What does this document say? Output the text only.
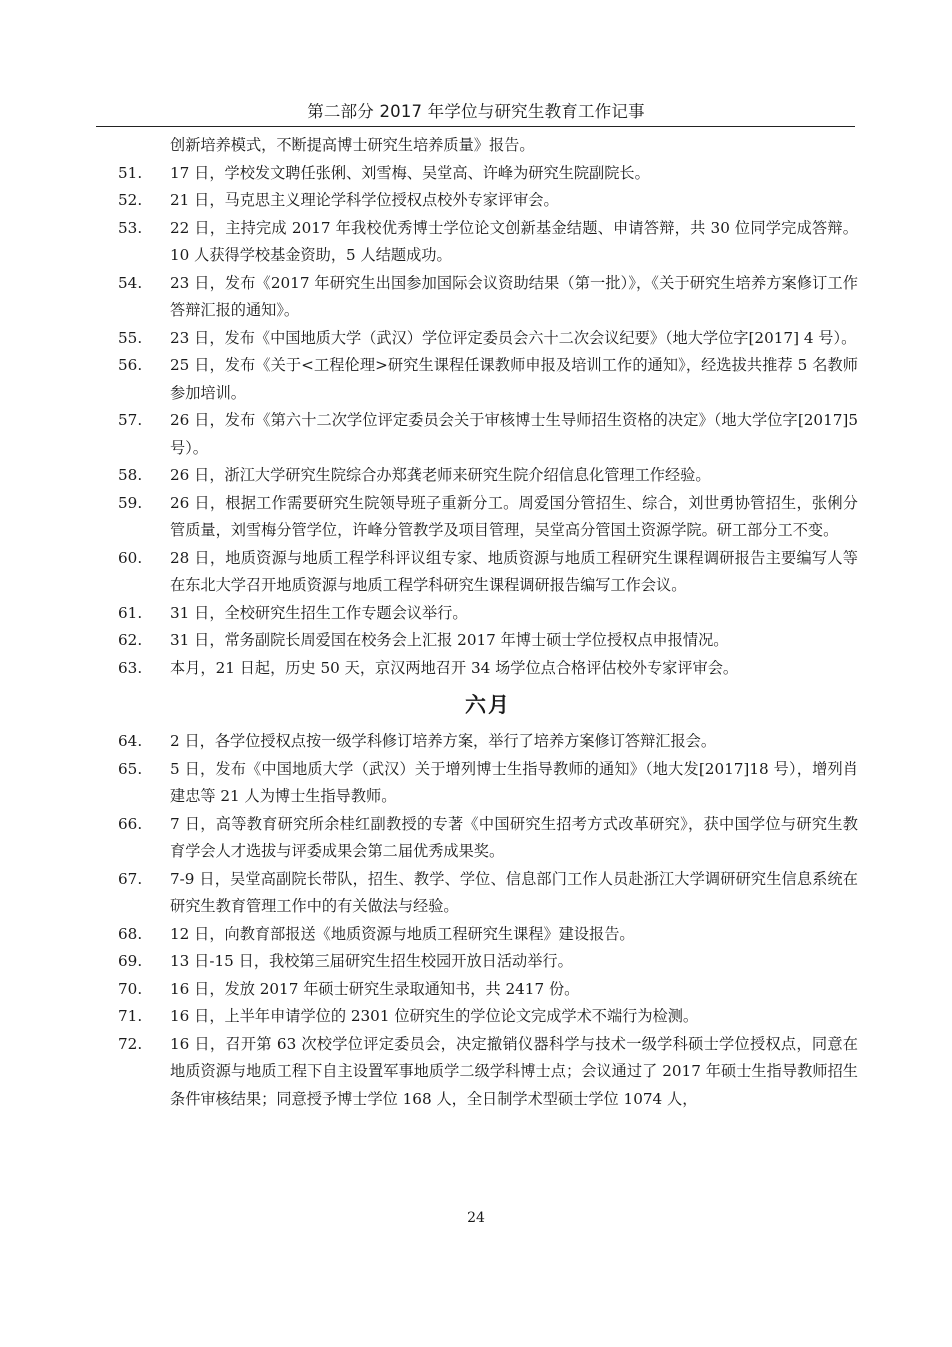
第二部分 2017 年学位与研究生教育工作记事
创新培养模式，不断提高博士研究生培养质量》报告。
51.	17 日，学校发文聘任张俐、刘雪梅、吴堂高、许峰为研究生院副院长。
52.	21 日，马克思主义理论学科学位授权点校外专家评审会。
53.	22 日，主持完成 2017 年我校优秀博士学位论文创新基金结题、申请答辩，共 30 位同学完成答辩。10 人获得学校基金资助，5 人结题成功。
54.	23 日，发布《2017 年研究生出国参加国际会议资助结果（第一批）》，《关于研究生培养方案修订工作答辩汇报的通知》。
55.	23 日，发布《中国地质大学（武汉）学位评定委员会六十二次会议纪要》（地大学位字[2017] 4 号）。
56.	25 日，发布《关于<工程伦理>研究生课程任课教师申报及培训工作的通知》，经选拔共推荐 5 名教师参加培训。
57.	26 日，发布《第六十二次学位评定委员会关于审核博士生导师招生资格的决定》（地大学位字[2017]5 号）。
58.	26 日，浙江大学研究生院综合办郑龚老师来研究生院介绍信息化管理工作经验。
59.	26 日，根据工作需要研究生院领导班子重新分工。周爱国分管招生、综合，刘世勇协管招生，张俐分管质量，刘雪梅分管学位，许峰分管教学及项目管理，吴堂高分管国土资源学院。研工部分工不变。
60.	28 日，地质资源与地质工程学科评议组专家、地质资源与地质工程研究生课程调研报告主要编写人等在东北大学召开地质资源与地质工程学科研究生课程调研报告编写工作会议。
61.	31 日，全校研究生招生工作专题会议举行。
62.	31 日，常务副院长周爱国在校务会上汇报 2017 年博士硕士学位授权点申报情况。
63.	本月，21 日起，历史 50 天，京汉两地召开 34 场学位点合格评估校外专家评审会。
六月
64.	2 日，各学位授权点按一级学科修订培养方案，举行了培养方案修订答辩汇报会。
65.	5 日，发布《中国地质大学（武汉）关于增列博士生指导教师的通知》（地大发[2017]18 号），增列肖建忠等 21 人为博士生指导教师。
66.	7 日，高等教育研究所余桂红副教授的专著《中国研究生招考方式改革研究》，获中国学位与研究生教育学会人才选拔与评委成果会第二届优秀成果奖。
67.	7-9 日，吴堂高副院长带队，招生、教学、学位、信息部门工作人员赴浙江大学调研研究生信息系统在研究生教育管理工作中的有关做法与经验。
68.	12 日，向教育部报送《地质资源与地质工程研究生课程》建设报告。
69.	13 日-15 日，我校第三届研究生招生校园开放日活动举行。
70.	16 日，发放 2017 年硕士研究生录取通知书，共 2417 份。
71.	16 日，上半年申请学位的 2301 位研究生的学位论文完成学术不端行为检测。
72.	16 日，召开第 63 次校学位评定委员会，决定撤销仪器科学与技术一级学科硕士学位授权点，同意在地质资源与地质工程下自主设置军事地质学二级学科博士点；会议通过了 2017 年硕士生指导教师招生条件审核结果；同意授予博士学位 168 人，全日制学术型硕士学位 1074 人，
24
